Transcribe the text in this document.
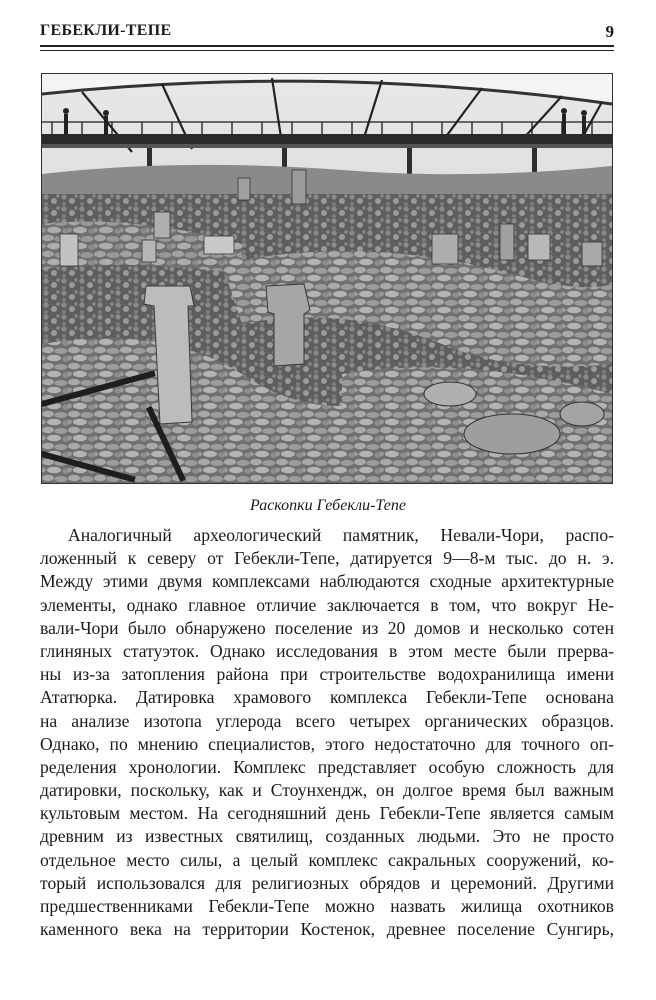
ГЕБЕКЛИ-ТЕПЕ	9
Раскопки Гебекли-Тепе
Аналогичный археологический памятник, Невали-Чори, распо-
ложенный к северу от Гебекли-Тепе, датируется 9—8-м тыс. до н. э.
Между этими двумя комплексами наблюдаются сходные архитектурные
элементы, однако главное отличие заключается в том, что вокруг Не-
вали-Чори было обнаружено поселение из 20 домов и несколько сотен
глиняных статуэток. Однако исследования в этом месте были прерва-
ны из-за затопления района при строительстве водохранилища имени
Ататюрка. Датировка храмового комплекса Гебекли-Тепе основана
на анализе изотопа углерода всего четырех органических образцов.
Однако, по мнению специалистов, этого недостаточно для точного оп-
ределения хронологии. Комплекс представляет особую сложность для
датировки, поскольку, как и Стоунхендж, он долгое время был важным
культовым местом. На сегодняшний день Гебекли-Тепе является самым
древним из известных святилищ, созданных людьми. Это не просто
отдельное место силы, а целый комплекс сакральных сооружений, ко-
торый использовался для религиозных обрядов и церемоний. Другими
предшественниками Гебекли-Тепе можно назвать жилища охотников
каменного века на территории Костенок, древнее поселение Сунгирь,
